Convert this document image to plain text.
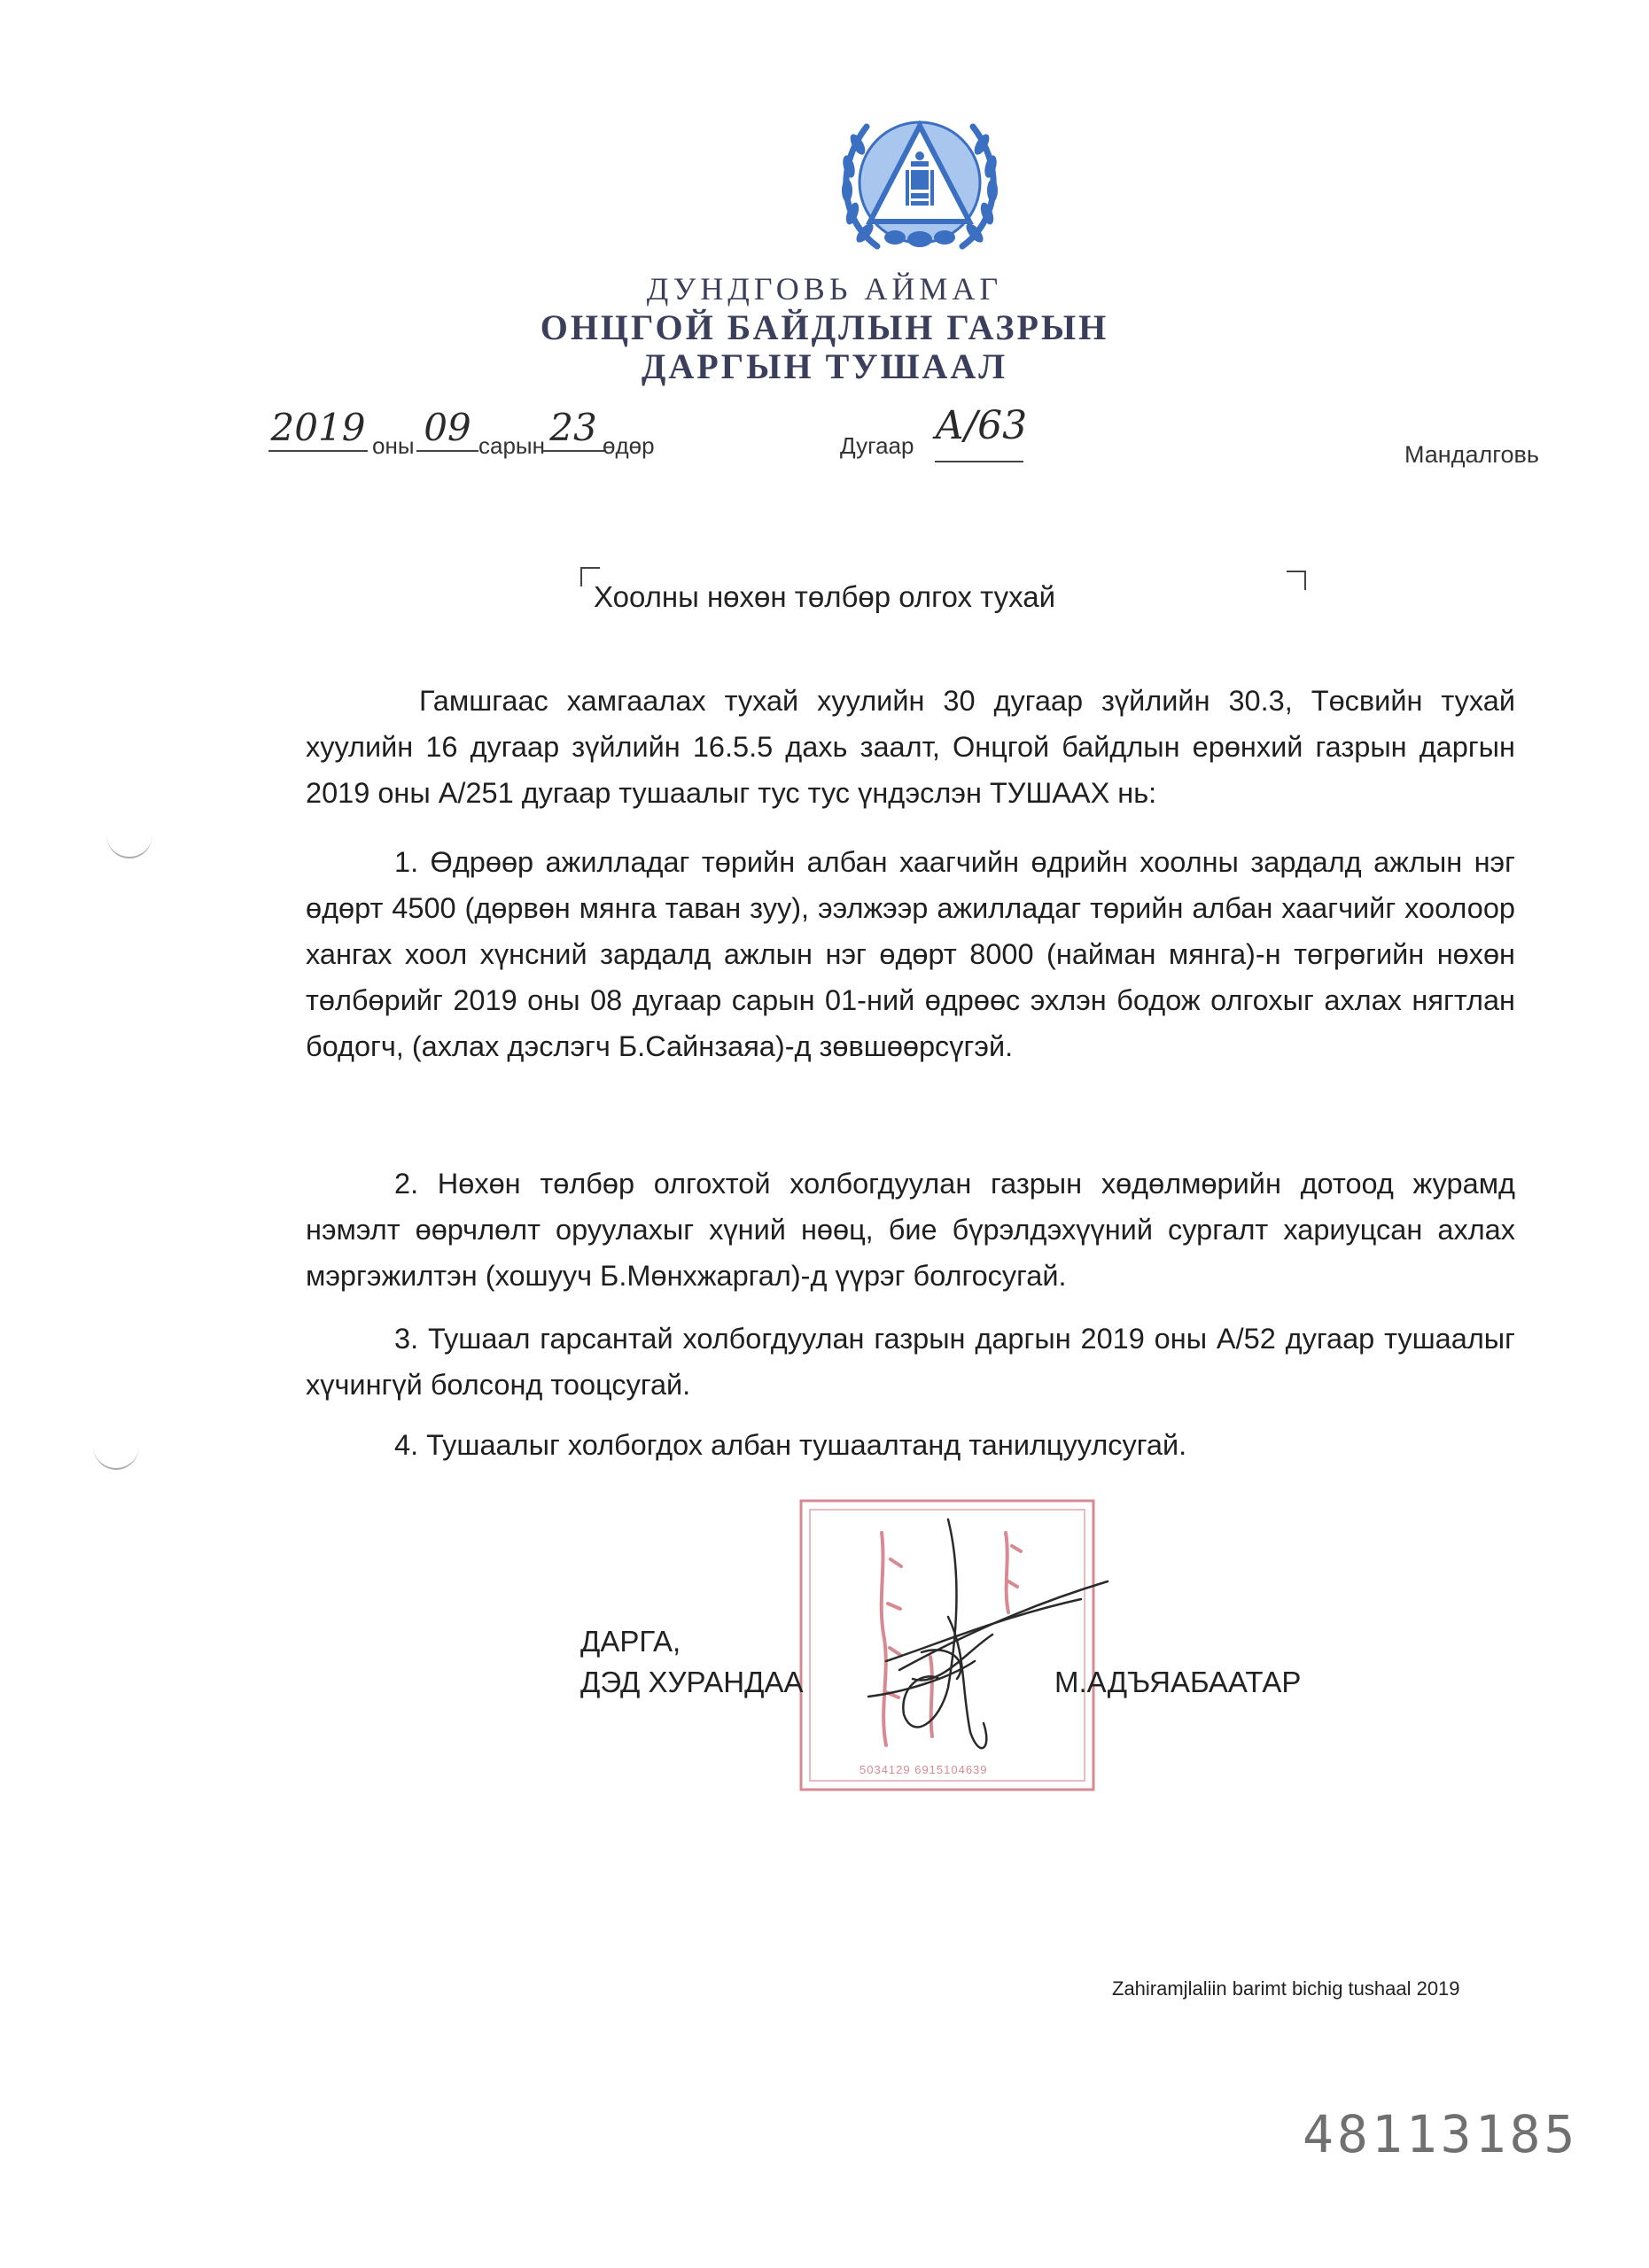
ДУНДГОВЬ АЙМАГ
ОНЦГОЙ БАЙДЛЫН ГАЗРЫН
ДАРГЫН ТУШААЛ
2019 оны 09 сарын 23 өдөр	Дугаар А/63
Мандалговь
Хоолны нөхөн төлбөр олгох тухай

Гамшгаас хамгаалах тухай хуулийн 30 дугаар зүйлийн 30.3, Төсвийн тухай хуулийн 16 дугаар зүйлийн 16.5.5 дахь заалт, Онцгой байдлын ерөнхий газрын даргын 2019 оны А/251 дугаар тушаалыг тус тус үндэслэн ТУШААХ нь:

1. Өдрөөр ажилладаг төрийн албан хаагчийн өдрийн хоолны зардалд ажлын нэг өдөрт 4500 (дөрвөн мянга таван зуу), ээлжээр ажилладаг төрийн албан хаагчийг хоолоор хангах хоол хүнсний зардалд ажлын нэг өдөрт 8000 (найман мянга)-н төгрөгийн нөхөн төлбөрийг 2019 оны 08 дугаар сарын 01-ний өдрөөс эхлэн бодож олгохыг ахлах нягтлан бодогч, (ахлах дэслэгч Б.Сайнзаяа)-д зөвшөөрсүгэй.

2. Нөхөн төлбөр олгохтой холбогдуулан газрын хөдөлмөрийн дотоод журамд нэмэлт өөрчлөлт оруулахыг хүний нөөц, бие бүрэлдэхүүний сургалт хариуцсан ахлах мэргэжилтэн (хошууч Б.Мөнхжаргал)-д үүрэг болгосугай.

3. Тушаал гарсантай холбогдуулан газрын даргын 2019 оны А/52 дугаар тушаалыг хүчингүй болсонд тооцсугай.

4. Тушаалыг холбогдох албан тушаалтанд танилцуулсугай.

5034129 6915104639
ДАРГА,
ДЭД ХУРАНДАА	М.АДЪЯАБААТАР
Zahiramjlaliin barimt bichig tushaal 2019
48113185
